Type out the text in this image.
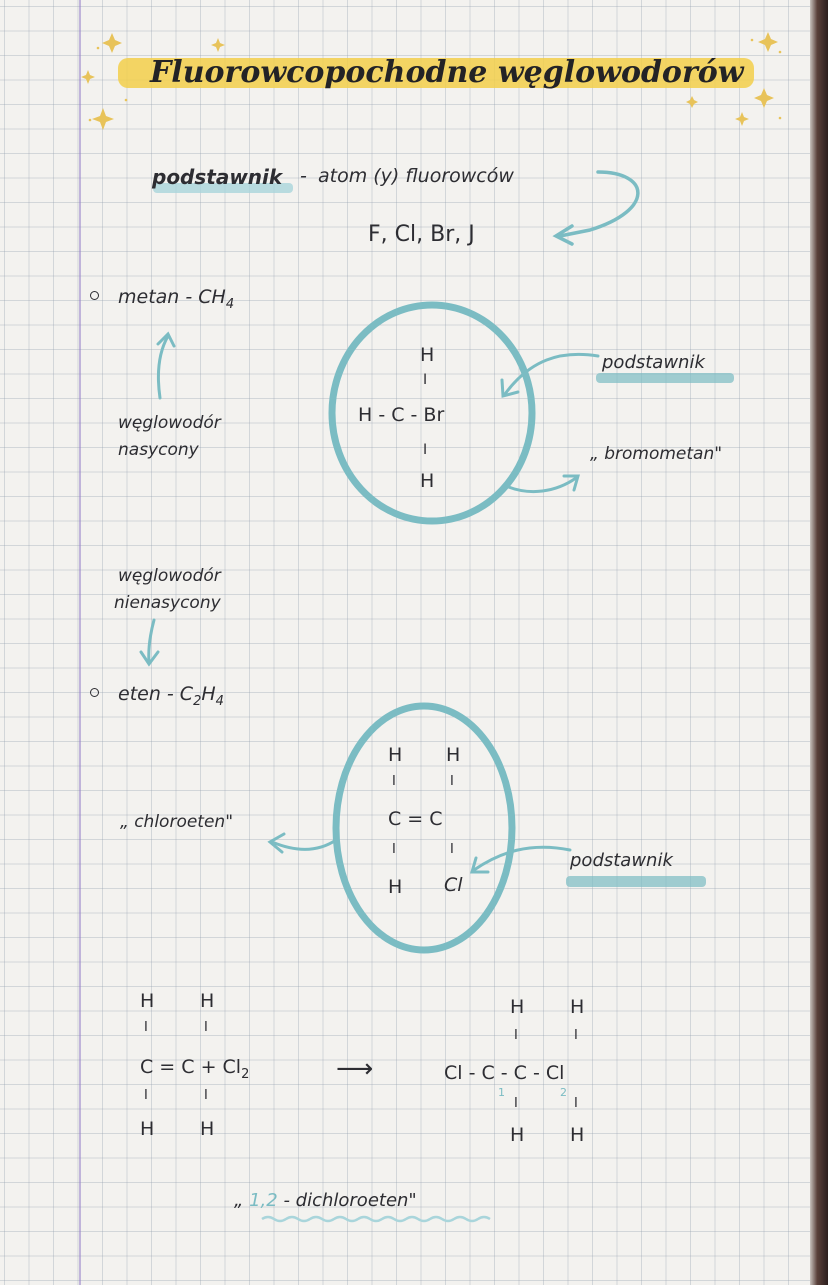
Fluorowcopochodne węglowodorów
podstawnik - atom (y) fluorowców
F, Cl, Br, J
metan - $CH_4$
węglowodór
nasycony
H
I
H - C - Br
I
H
podstawnik
„ bromometan"
węglowodór
nienasycony
eten - $C_2H_4$
„ chloroeten"
H H
I	I
C = C
I	I
H Cl
podstawnik
H H
I	I
$C = C + Cl_2$
I	I
H H
⟶
H H
I	I
Cl - C - C - Cl
1	2
I	I
H H
„ 1,2 - dichloroeten"
